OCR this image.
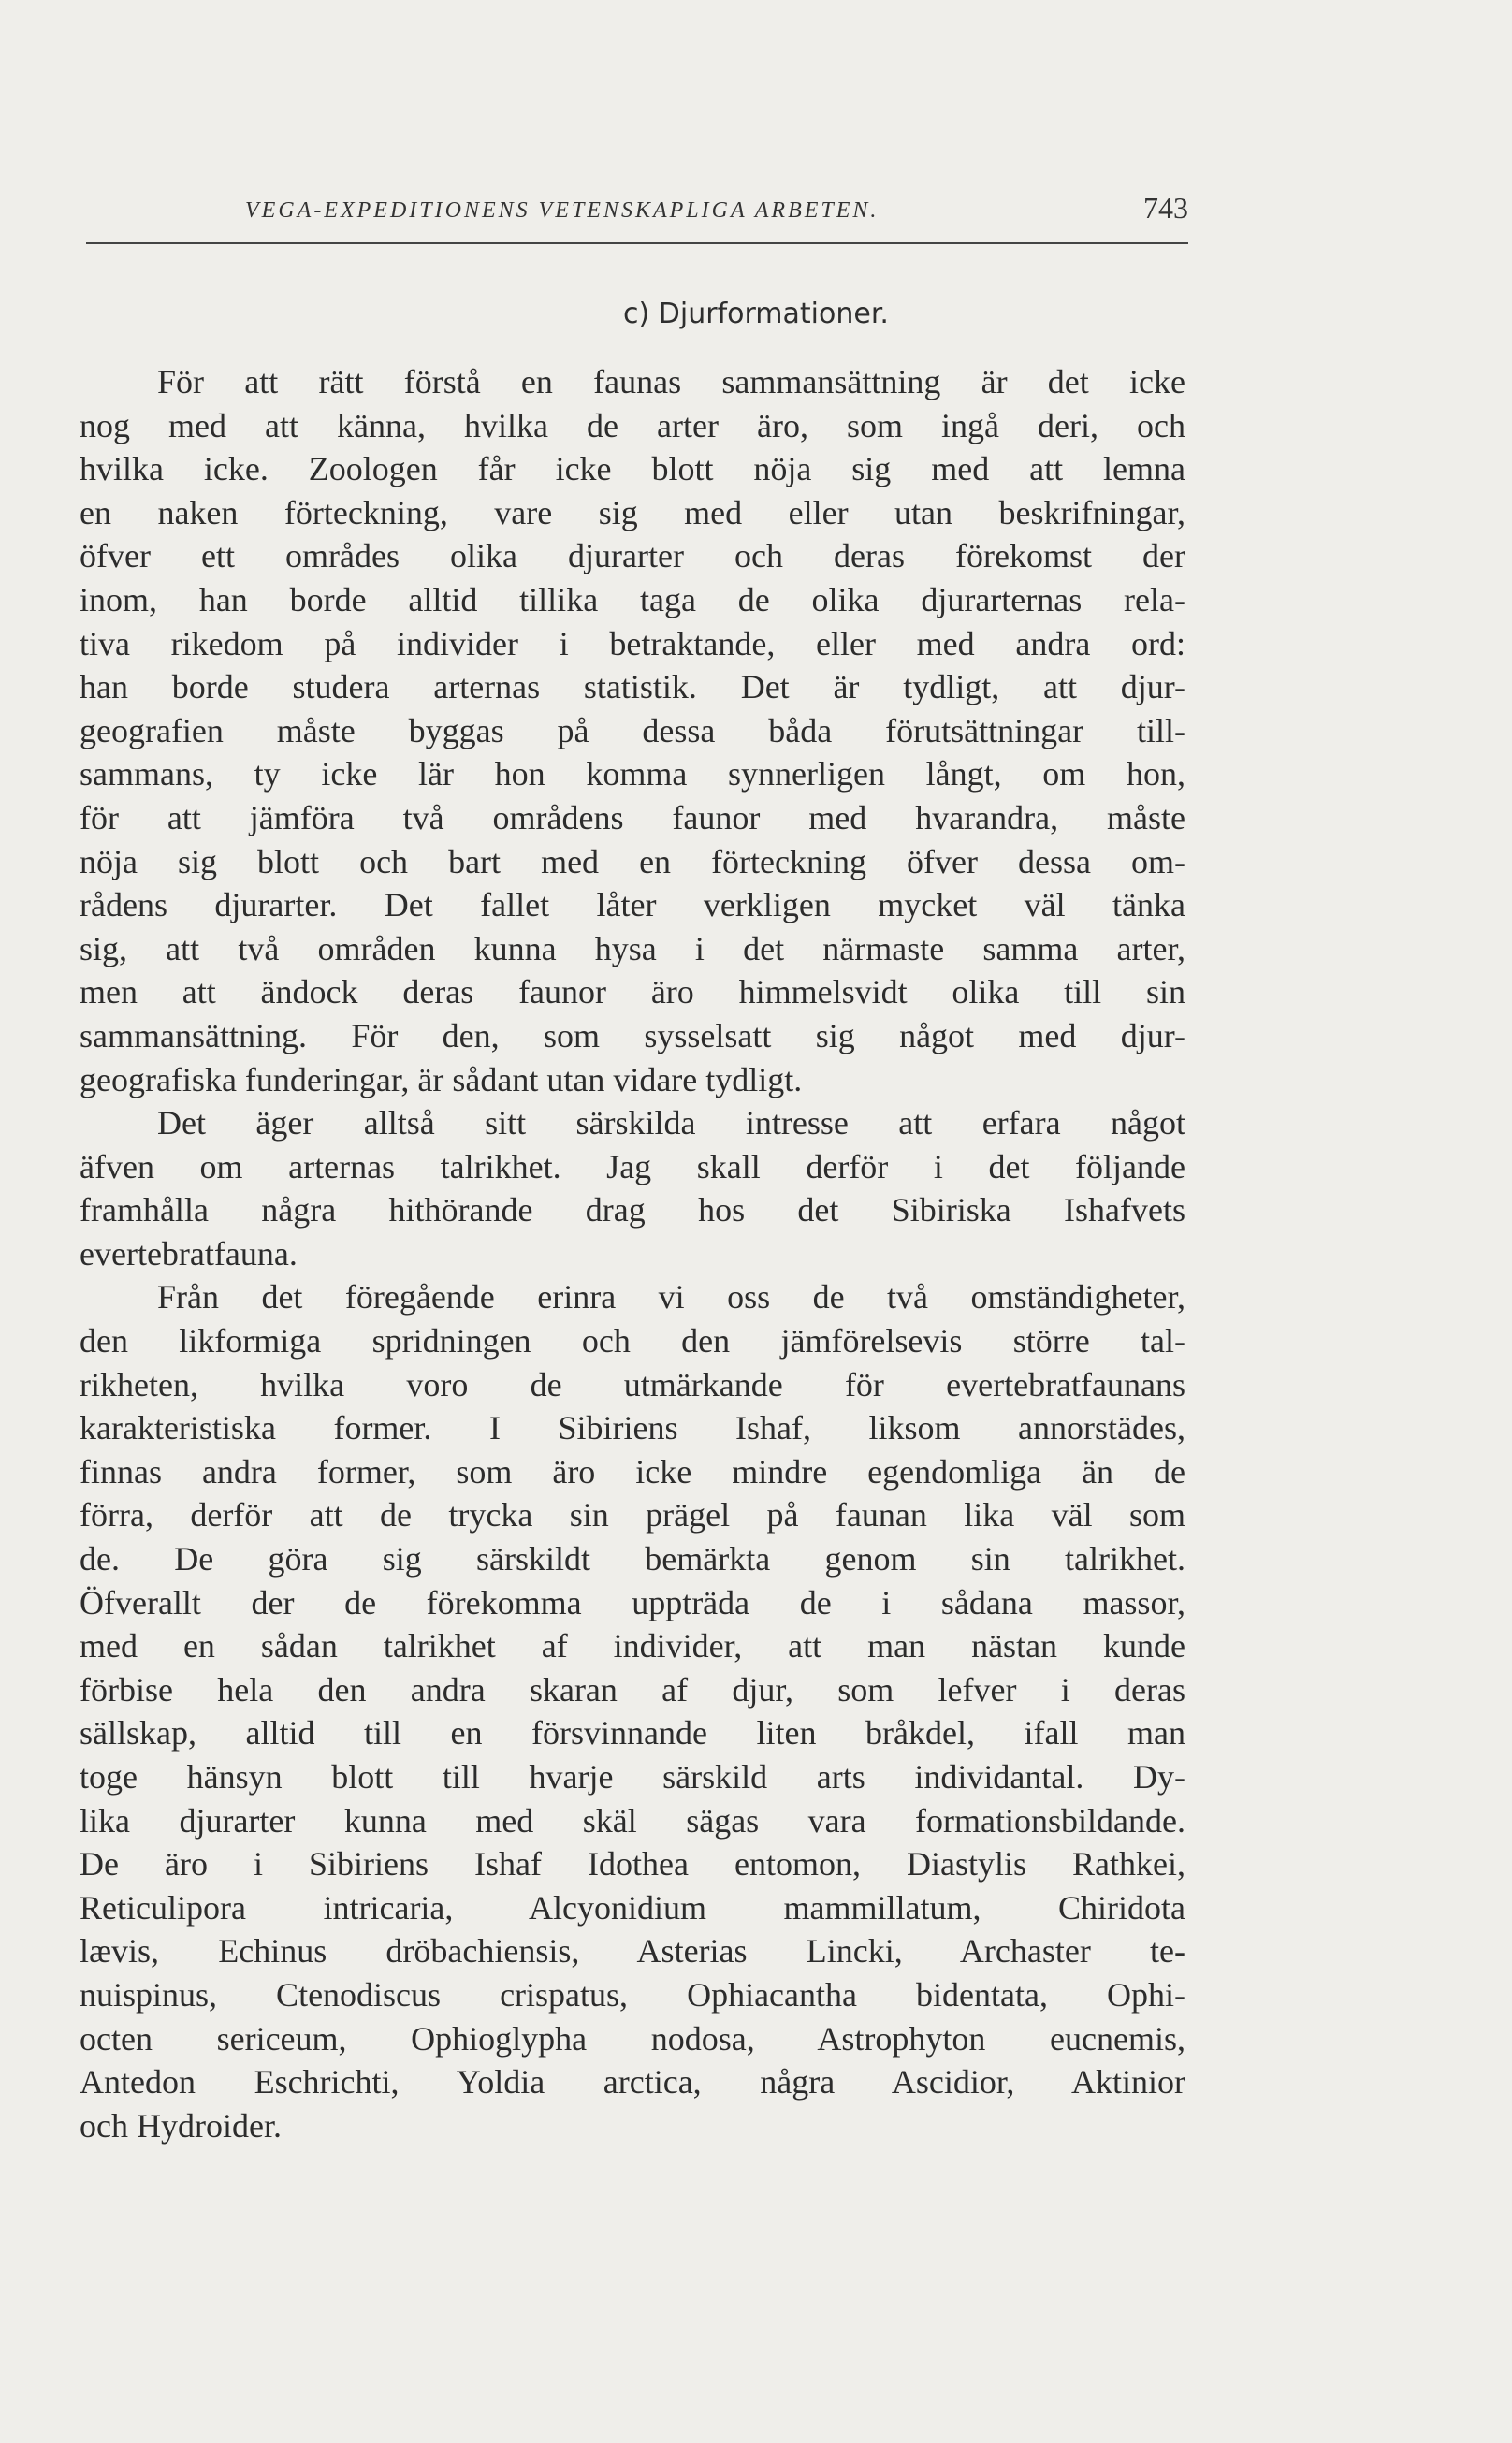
VEGA-EXPEDITIONENS VETENSKAPLIGA ARBETEN.	743
c) Djurformationer.
För att rätt förstå en faunas sammansättning är det icke
nog med att känna, hvilka de arter äro, som ingå deri, och
hvilka icke. Zoologen får icke blott nöja sig med att lemna
en naken förteckning, vare sig med eller utan beskrifningar,
öfver ett områdes olika djurarter och deras förekomst der
inom, han borde alltid tillika taga de olika djurarternas rela-
tiva rikedom på individer i betraktande, eller med andra ord:
han borde studera arternas statistik. Det är tydligt, att djur-
geografien måste byggas på dessa båda förutsättningar till-
sammans, ty icke lär hon komma synnerligen långt, om hon,
för att jämföra två områdens faunor med hvarandra, måste
nöja sig blott och bart med en förteckning öfver dessa om-
rådens djurarter. Det fallet låter verkligen mycket väl tänka
sig, att två områden kunna hysa i det närmaste samma arter,
men att ändock deras faunor äro himmelsvidt olika till sin
sammansättning. För den, som sysselsatt sig något med djur-
geografiska funderingar, är sådant utan vidare tydligt.
Det äger alltså sitt särskilda intresse att erfara något
äfven om arternas talrikhet. Jag skall derför i det följande
framhålla några hithörande drag hos det Sibiriska Ishafvets
evertebratfauna.
Från det föregående erinra vi oss de två omständigheter,
den likformiga spridningen och den jämförelsevis större tal-
rikheten, hvilka voro de utmärkande för evertebratfaunans
karakteristiska former. I Sibiriens Ishaf, liksom annorstädes,
finnas andra former, som äro icke mindre egendomliga än de
förra, derför att de trycka sin prägel på faunan lika väl som
de. De göra sig särskildt bemärkta genom sin talrikhet.
Öfverallt der de förekomma uppträda de i sådana massor,
med en sådan talrikhet af individer, att man nästan kunde
förbise hela den andra skaran af djur, som lefver i deras
sällskap, alltid till en försvinnande liten bråkdel, ifall man
toge hänsyn blott till hvarje särskild arts individantal. Dy-
lika djurarter kunna med skäl sägas vara formationsbildande.
De äro i Sibiriens Ishaf Idothea entomon, Diastylis Rathkei,
Reticulipora intricaria, Alcyonidium mammillatum, Chiridota
lævis, Echinus dröbachiensis, Asterias Lincki, Archaster te-
nuispinus, Ctenodiscus crispatus, Ophiacantha bidentata, Ophi-
octen sericeum, Ophioglypha nodosa, Astrophyton eucnemis,
Antedon Eschrichti, Yoldia arctica, några Ascidior, Aktinior
och Hydroider.
